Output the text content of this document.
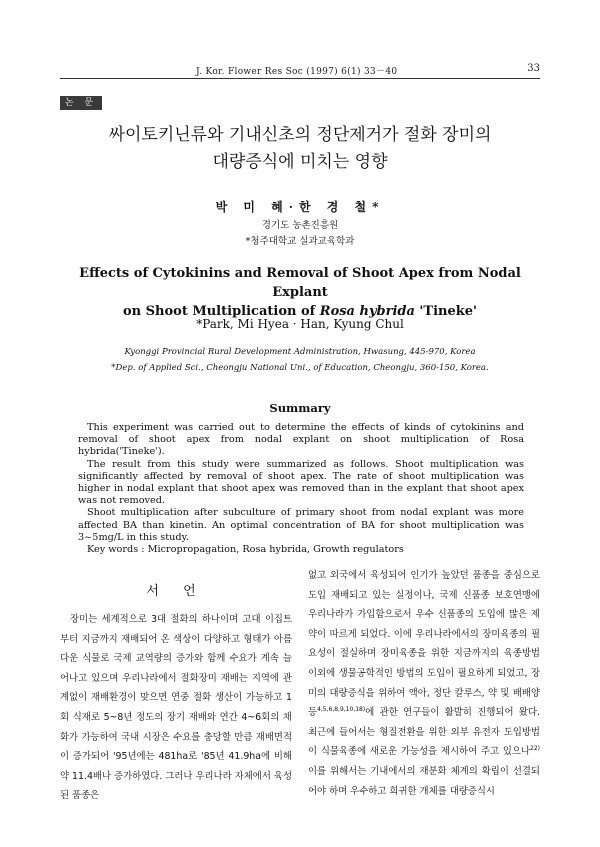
J. Kor. Flower Res Soc (1997) 6(1) 33－40	33
논 문
싸이토키닌류와 기내신초의 정단제거가 절화 장미의
대량증식에 미치는 영향
박 미 혜·한 경 철*
경기도 농촌진흥원
*청주대학교 실과교육학과
Effects of Cytokinins and Removal of Shoot Apex from Nodal Explant
on Shoot Multiplication of Rosa hybrida 'Tineke'
*Park, Mi Hyea · Han, Kyung Chul
Kyonggi Provincial Rural Development Administration, Hwasung, 445-970, Korea
*Dep. of Applied Sci., Cheongju National Uni., of Education, Cheongju, 360-150, Korea.
Summary

This experiment was carried out to determine the effects of kinds of cytokinins and removal of shoot apex from nodal explant on shoot multiplication of Rosa hybrida('Tineke').

The result from this study were summarized as follows. Shoot multiplication was significantly affected by removal of shoot apex. The rate of shoot multiplication was higher in nodal explant that shoot apex was removed than in the explant that shoot apex was not removed.

Shoot multiplication after subculture of primary shoot from nodal explant was more affected BA than kinetin. An optimal concentration of BA for shoot multiplication was 3~5mg/L in this study.

Key words : Micropropagation, Rosa hybrida, Growth regulators

서 언

장미는 세계적으로 3대 절화의 하나이며 고대 이집트부터 지금까지 재배되어 온 색상이 다양하고 형태가 아름다운 식물로 국제 교역량의 증가와 함께 수요가 계속 늘어나고 있으며 우리나라에서 절화장미 재배는 지역에 관계없이 재배환경이 맞으면 연중 절화 생산이 가능하고 1회 식재로 5~8년 정도의 장기 재배와 연간 4~6회의 채화가 가능하여 국내 시장은 수요를 충당할 만큼 재배면적이 증가되어 '95년에는 481ha로 '85년 41.9ha에 비해 약 11.4배나 증가하였다. 그러나 우리나라 자체에서 육성된 품종은

없고 외국에서 육성되어 인기가 높았던 품종을 중심으로 도입 재배되고 있는 실정이나, 국제 신품종 보호연맹에 우리나라가 가입함으로서 우수 신품종의 도입에 많은 제약이 따르게 되었다. 이에 우리나라에서의 장미육종의 필요성이 절실하며 장미육종을 위한 지금까지의 육종방법이외에 생물공학적인 방법의 도입이 필요하게 되었고, 장미의 대량증식을 위하여 액아, 정단 칼루스, 약 및 배배양 등$^{4,5,6,8,9,10,18)}$에 관한 연구들이 활발히 진행되어 왔다. 최근에 들어서는 형질전환을 위한 외부 유전자 도입방법이 식물육종에 새로운 가능성을 제시하여 주고 있으나$^{22)}$ 이를 위해서는 기내에서의 재분화 체계의 확립이 선결되어야 하며 우수하고 희귀한 개체를 대량증식시
